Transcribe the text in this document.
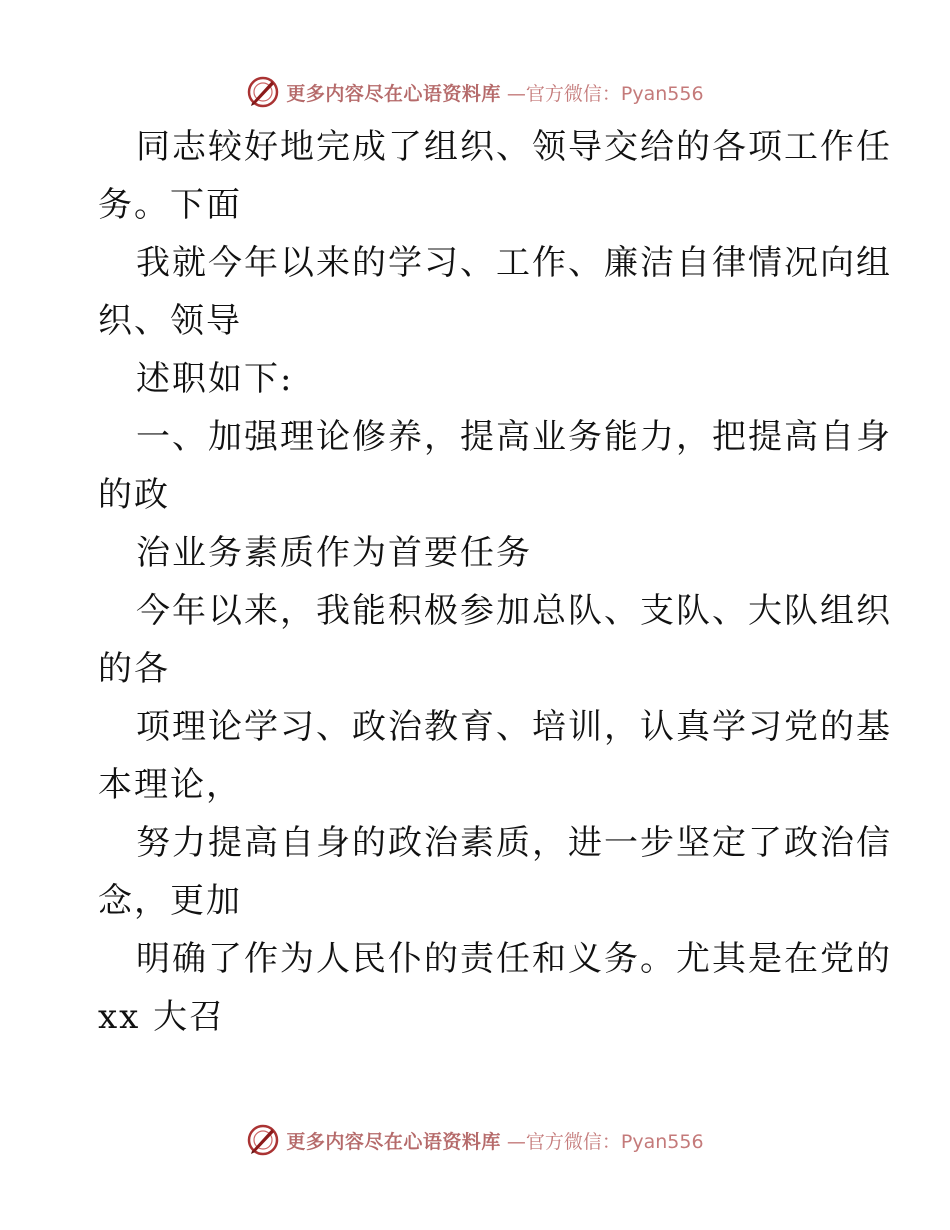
更多内容尽在心语资料库 —官方微信：Pyan556
同志较好地完成了组织、领导交给的各项工作任
务。下面
我就今年以来的学习、工作、廉洁自律情况向组
织、领导
述职如下:
一、加强理论修养，提高业务能力，把提高自身
的政
治业务素质作为首要任务
今年以来，我能积极参加总队、支队、大队组织
的各
项理论学习、政治教育、培训，认真学习党的基
本理论，
努力提高自身的政治素质，进一步坚定了政治信
念，更加
明确了作为人民仆的责任和义务。尤其是在党的
xx 大召
更多内容尽在心语资料库 —官方微信：Pyan556
